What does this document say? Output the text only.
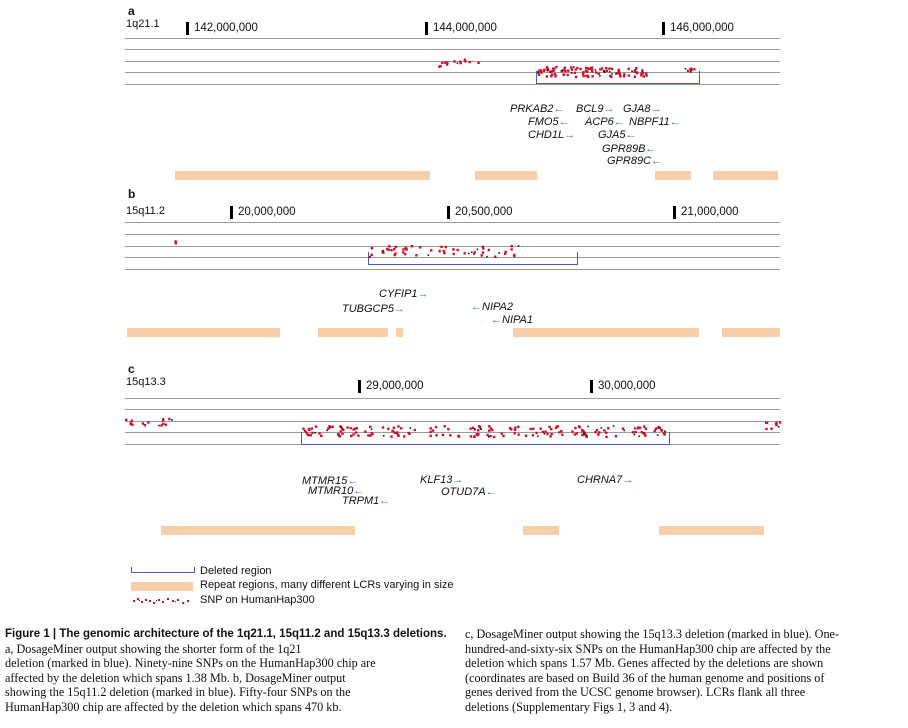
a
1q21.1	142,000,000	144,000,000	146,000,000
PRKAB2← BCL9→ GJA8→
FMO5← ACP6← NBPF11←
CHD1L→ GJA5←
GPR89B←
GPR89C←
b
15q11.2	20,000,000	20,500,000	21,000,000
CYFIP1→
TUBGCP5→	←NIPA2
←NIPA1
c
15q13.3	29,000,000	30,000,000
MTMR15←
MTMR10←
TRPM1←
KLF13→
OTUD7A←
CHRNA7→
Deleted region
Repeat regions, many different LCRs varying in size
SNP on HumanHap300
Figure 1 | The genomic architecture of the 1q21.1, 15q11.2 and 15q13.3 deletions.
a, DosageMiner output showing the shorter form of the 1q21
deletion (marked in blue). Ninety-nine SNPs on the HumanHap300 chip are
affected by the deletion which spans 1.38 Mb. b, DosageMiner output
showing the 15q11.2 deletion (marked in blue). Fifty-four SNPs on the
HumanHap300 chip are affected by the deletion which spans 470 kb.
c, DosageMiner output showing the 15q13.3 deletion (marked in blue). One-
hundred-and-sixty-six SNPs on the HumanHap300 chip are affected by the
deletion which spans 1.57 Mb. Genes affected by the deletions are shown
(coordinates are based on Build 36 of the human genome and positions of
genes derived from the UCSC genome browser). LCRs flank all three
deletions (Supplementary Figs 1, 3 and 4).
